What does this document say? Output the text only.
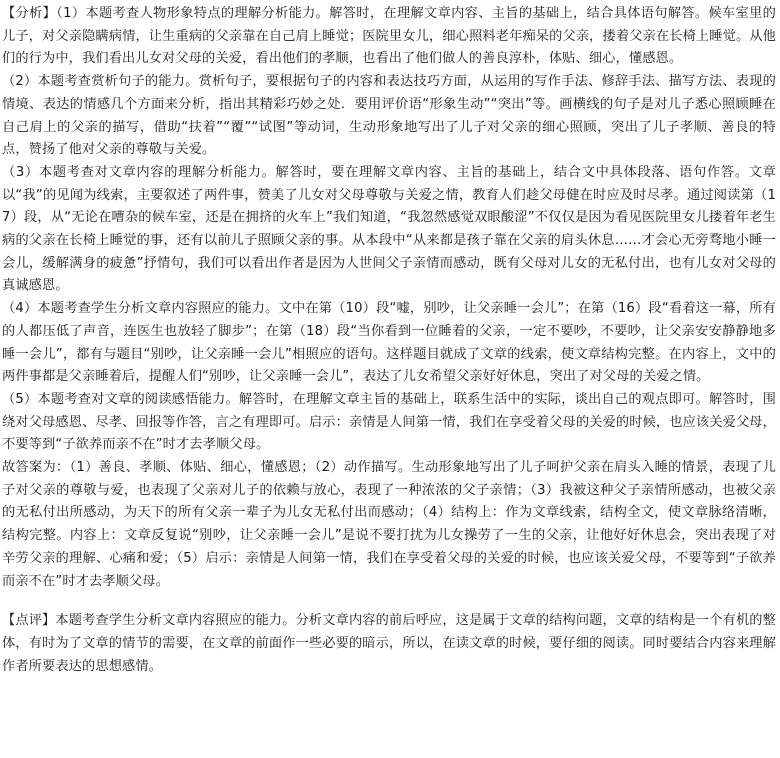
【分析】（1）本题考查人物形象特点的理解分析能力。解答时，在理解文章内容、主旨的基础上，结合具体语句解答。候车室里的儿子，对父亲隐瞒病情，让生重病的父亲靠在自己肩上睡觉；医院里女儿，细心照料老年痴呆的父亲，搂着父亲在长椅上睡觉。从他们的行为中，我们看出儿女对父母的关爱，看出他们的孝顺，也看出了他们做人的善良淳朴，体贴、细心，懂感恩。

（2）本题考查赏析句子的能力。赏析句子，要根据句子的内容和表达技巧方面，从运用的写作手法、修辞手法、描写方法、表现的情境、表达的情感几个方面来分析，指出其精彩巧妙之处．要用评价语“形象生动”“突出”等。画横线的句子是对儿子悉心照顾睡在自己肩上的父亲的描写，借助“扶着”“覆”“试图”等动词，生动形象地写出了儿子对父亲的细心照顾，突出了儿子孝顺、善良的特点，赞扬了他对父亲的尊敬与关爱。

（3）本题考查对文章内容的理解分析能力。解答时，要在理解文章内容、主旨的基础上，结合文中具体段落、语句作答。文章以“我”的见闻为线索，主要叙述了两件事，赞美了儿女对父母尊敬与关爱之情，教育人们趁父母健在时应及时尽孝。通过阅读第（17）段，从“无论在嘈杂的候车室，还是在拥挤的火车上”我们知道，“我忽然感觉双眼酸涩”不仅仅是因为看见医院里女儿搂着年老生病的父亲在长椅上睡觉的事，还有以前儿子照顾父亲的事。从本段中“从来都是孩子靠在父亲的肩头休息……才会心无旁骛地小睡一会儿，缓解满身的疲惫”抒情句，我们可以看出作者是因为人世间父子亲情而感动，既有父母对儿女的无私付出，也有儿女对父母的真诚感恩。

（4）本题考查学生分析文章内容照应的能力。文中在第（10）段“嘘，别吵，让父亲睡一会儿”；在第（16）段“看着这一幕，所有的人都压低了声音，连医生也放轻了脚步”；在第（18）段“当你看到一位睡着的父亲，一定不要吵，不要吵，让父亲安安静静地多睡一会儿”，都有与题目“别吵，让父亲睡一会儿”相照应的语句。这样题目就成了文章的线索，使文章结构完整。在内容上，文中的两件事都是父亲睡着后，提醒人们“别吵，让父亲睡一会儿”，表达了儿女希望父亲好好休息，突出了对父母的关爱之情。

（5）本题考查对文章的阅读感悟能力。解答时，在理解文章主旨的基础上，联系生活中的实际，谈出自己的观点即可。解答时，围绕对父母感恩、尽孝、回报等作答，言之有理即可。启示：亲情是人间第一情，我们在享受着父母的关爱的时候，也应该关爱父母，不要等到“子欲养而亲不在”时才去孝顺父母。

故答案为：（1）善良、孝顺、体贴、细心，懂感恩；（2）动作描写。生动形象地写出了儿子呵护父亲在肩头入睡的情景，表现了儿子对父亲的尊敬与爱，也表现了父亲对儿子的依赖与放心，表现了一种浓浓的父子亲情；（3）我被这种父子亲情所感动，也被父亲的无私付出所感动，为天下的所有父亲一辈子为儿女无私付出而感动；（4）结构上：作为文章线索，结构全文，使文章脉络清晰，结构完整。内容上：文章反复说“别吵，让父亲睡一会儿”是说不要打扰为儿女操劳了一生的父亲，让他好好休息会，突出表现了对辛劳父亲的理解、心痛和爱；（5）启示：亲情是人间第一情，我们在享受着父母的关爱的时候，也应该关爱父母，不要等到“子欲养而亲不在”时才去孝顺父母。

【点评】本题考查学生分析文章内容照应的能力。分析文章内容的前后呼应，这是属于文章的结构问题，文章的结构是一个有机的整体，有时为了文章的情节的需要，在文章的前面作一些必要的暗示，所以，在读文章的时候，要仔细的阅读。同时要结合内容来理解作者所要表达的思想感情。
